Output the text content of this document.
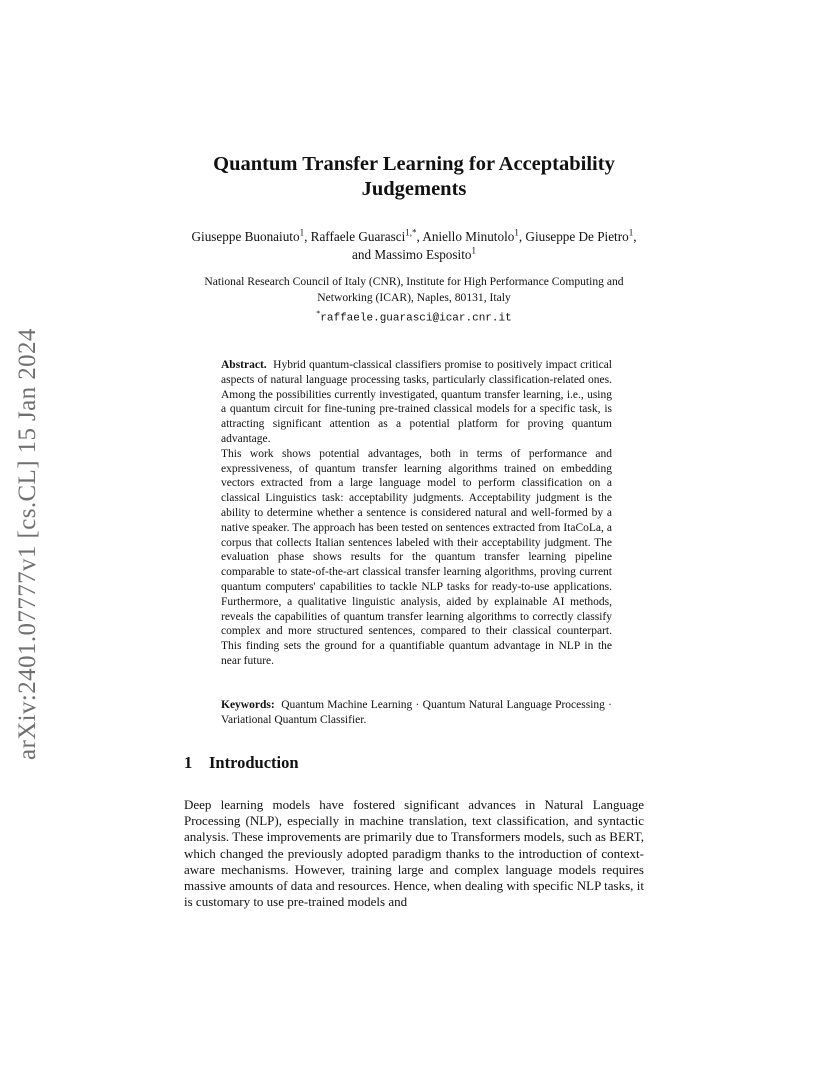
arXiv:2401.07777v1 [cs.CL] 15 Jan 2024
Quantum Transfer Learning for Acceptability Judgements
Giuseppe Buonaiuto$^1$, Raffaele Guarasci$^{1,*}$, Aniello Minutolo$^1$, Giuseppe De Pietro$^1$, and Massimo Esposito$^1$
National Research Council of Italy (CNR), Institute for High Performance Computing and Networking (ICAR), Naples, 80131, Italy
*raffaele.guarasci@icar.cnr.it

Abstract. Hybrid quantum-classical classifiers promise to positively impact critical aspects of natural language processing tasks, particularly classification-related ones. Among the possibilities currently investigated, quantum transfer learning, i.e., using a quantum circuit for fine-tuning pre-trained classical models for a specific task, is attracting significant attention as a potential platform for proving quantum advantage.

This work shows potential advantages, both in terms of performance and expressiveness, of quantum transfer learning algorithms trained on embedding vectors extracted from a large language model to perform classification on a classical Linguistics task: acceptability judgments. Acceptability judgment is the ability to determine whether a sentence is considered natural and well-formed by a native speaker. The approach has been tested on sentences extracted from ItaCoLa, a corpus that collects Italian sentences labeled with their acceptability judgment. The evaluation phase shows results for the quantum transfer learning pipeline comparable to state-of-the-art classical transfer learning algorithms, proving current quantum computers' capabilities to tackle NLP tasks for ready-to-use applications. Furthermore, a qualitative linguistic analysis, aided by explainable AI methods, reveals the capabilities of quantum transfer learning algorithms to correctly classify complex and more structured sentences, compared to their classical counterpart. This finding sets the ground for a quantifiable quantum advantage in NLP in the near future.

Keywords: Quantum Machine Learning · Quantum Natural Language Processing · Variational Quantum Classifier.
1 Introduction

Deep learning models have fostered significant advances in Natural Language Processing (NLP), especially in machine translation, text classification, and syntactic analysis. These improvements are primarily due to Transformers models, such as BERT, which changed the previously adopted paradigm thanks to the introduction of context-aware mechanisms. However, training large and complex language models requires massive amounts of data and resources. Hence, when dealing with specific NLP tasks, it is customary to use pre-trained models and
